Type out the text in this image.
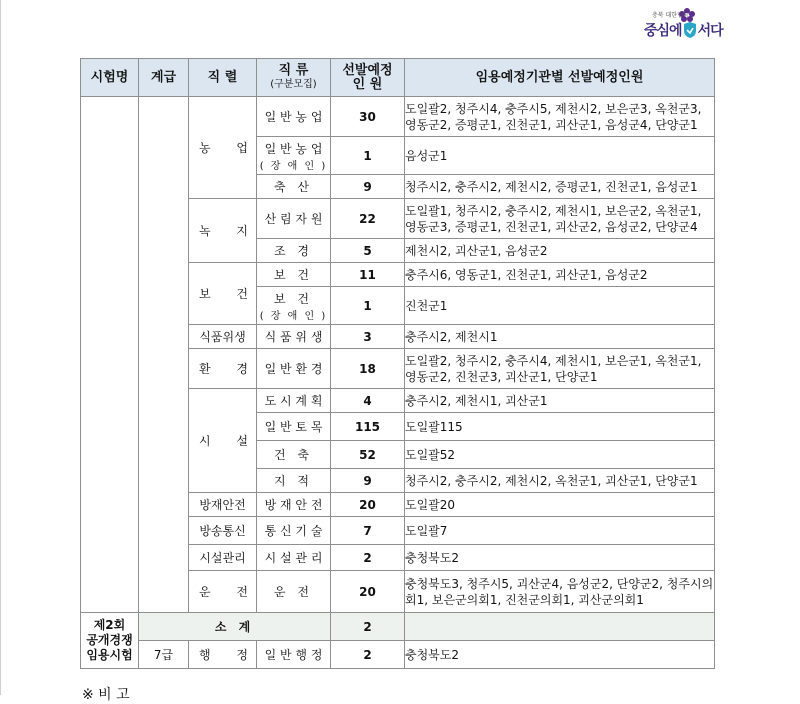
충북 대한민국
중심에 서다
시험명	계급	직 렬	직 류
(구분모집)	선발예정
인 원	임용예정기관별 선발예정인원

		농 업	일 반 농 업	30	도일괄2, 청주시4, 충주시5, 제천시2, 보은군3, 옥천군3, 영동군2, 증평군1, 진천군1, 괴산군1, 음성군4, 단양군1
			일 반 농 업
( 장 애 인 )	1	음성군1
			축 산	9	청주시2, 충주시2, 제천시2, 증평군1, 진천군1, 음성군1

		녹 지	산 림 자 원	22	도일괄1, 청주시2, 충주시2, 제천시1, 보은군2, 옥천군1, 영동군3, 증평군1, 진천군1, 괴산군2, 음성군2, 단양군4
			조 경	5	제천시2, 괴산군1, 음성군2

		보 건	보 건	11	충주시6, 영동군1, 진천군1, 괴산군1, 음성군2
			보 건
( 장 애 인 )	1	진천군1
		식품위생	식 품 위 생	3	충주시2, 제천시1

		환 경	일 반 환 경	18	도일괄2, 청주시2, 충주시4, 제천시1, 보은군1, 옥천군1, 영동군2, 진천군3, 괴산군1, 단양군1

		시 설	도 시 계 획	4	충주시2, 제천시1, 괴산군1
			일 반 토 목	115	도일괄115
			건 축	52	도일괄52
			지 적	9	청주시2, 충주시2, 제천시2, 옥천군1, 괴산군1, 단양군1
		방재안전	방 재 안 전	20	도일괄20
		방송통신	통 신 기 술	7	도일괄7
		시설관리	시 설 관 리	2	충청북도2

		운 전	운 전	20	충청북도3, 청주시5, 괴산군4, 음성군2, 단양군2, 청주시의회1, 보은군의회1, 진천군의회1, 괴산군의회1
제2회
공개경쟁
임용시험	소 계			2	
	7급	행 정	일 반 행 정	2	충청북도2
※ 비 고
